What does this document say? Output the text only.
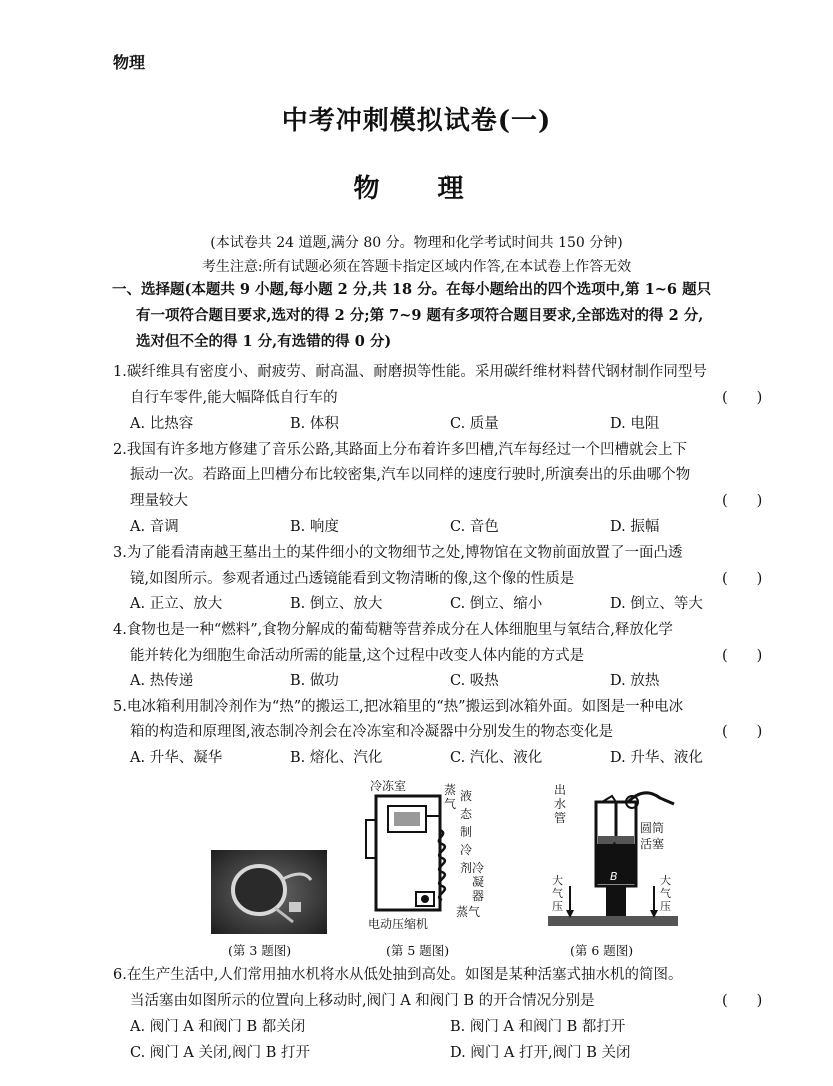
物理
中考冲刺模拟试卷(一)
物　理
(本试卷共 24 道题,满分 80 分。物理和化学考试时间共 150 分钟)
考生注意:所有试题必须在答题卡指定区域内作答,在本试卷上作答无效
一、选择题(本题共 9 小题,每小题 2 分,共 18 分。在每小题给出的四个选项中,第 1~6 题只
有一项符合题目要求,选对的得 2 分;第 7~9 题有多项符合题目要求,全部选对的得 2 分,
选对但不全的得 1 分,有选错的得 0 分)
1.碳纤维具有密度小、耐疲劳、耐高温、耐磨损等性能。采用碳纤维材料替代钢材制作同型号
自行车零件,能大幅降低自行车的	(　　)
A. 比热容	B. 体积	C. 质量	D. 电阻
2.我国有许多地方修建了音乐公路,其路面上分布着许多凹槽,汽车每经过一个凹槽就会上下
振动一次。若路面上凹槽分布比较密集,汽车以同样的速度行驶时,所演奏出的乐曲哪个物
理量较大	(　　)
A. 音调	B. 响度	C. 音色	D. 振幅
3.为了能看清南越王墓出土的某件细小的文物细节之处,博物馆在文物前面放置了一面凸透
镜,如图所示。参观者通过凸透镜能看到文物清晰的像,这个像的性质是	(　　)
A. 正立、放大	B. 倒立、放大	C. 倒立、缩小	D. 倒立、等大
4.食物也是一种“燃料”,食物分解成的葡萄糖等营养成分在人体细胞里与氧结合,释放化学
能并转化为细胞生命活动所需的能量,这个过程中改变人体内能的方式是	(　　)
A. 热传递	B. 做功	C. 吸热	D. 放热
5.电冰箱利用制冷剂作为“热”的搬运工,把冰箱里的“热”搬运到冰箱外面。如图是一种电冰
箱的构造和原理图,液态制冷剂会在冷冻室和冷凝器中分别发生的物态变化是	(　　)
A. 升华、凝华	B. 熔化、汽化	C. 汽化、液化	D. 升华、液化
冷冻室	蒸
气
液
态
制
冷
剂 冷
凝
器
蒸气
电动压缩机
出
水
管
圆筒
活塞
A
B
大
气
压
大
气
压
(第 3 题图)	(第 5 题图)	(第 6 题图)
6.在生产生活中,人们常用抽水机将水从低处抽到高处。如图是某种活塞式抽水机的简图。
当活塞由如图所示的位置向上移动时,阀门 A 和阀门 B 的开合情况分别是	(　　)
A. 阀门 A 和阀门 B 都关闭	B. 阀门 A 和阀门 B 都打开
C. 阀门 A 关闭,阀门 B 打开	D. 阀门 A 打开,阀门 B 关闭
